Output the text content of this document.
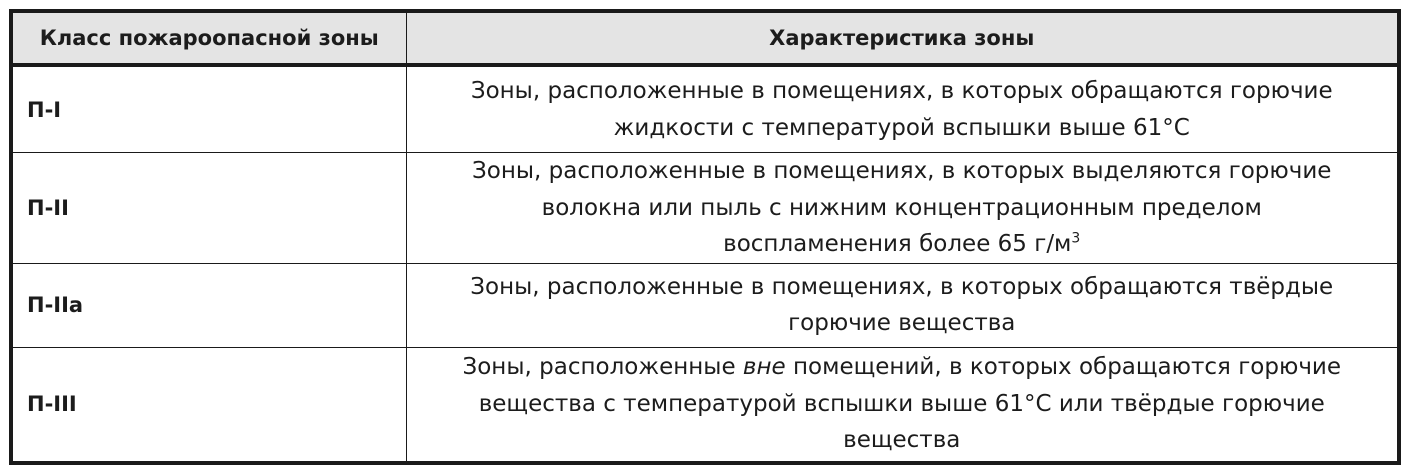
Класс пожароопасной зоны	Характеристика зоны
П-I	Зоны, расположенные в помещениях, в которых обращаются горючие
жидкости с температурой вспышки выше 61°С

П-II	Зоны, расположенные в помещениях, в которых выделяются горючие
волокна или пыль с нижним концентрационным пределом
воспламенения более 65 $г/м^3$

П-IIa	Зоны, расположенные в помещениях, в которых обращаются твёрдые
горючие вещества

П-III	Зоны, расположенные вне помещений, в которых обращаются горючие
вещества с температурой вспышки выше 61°С или твёрдые горючие
вещества
